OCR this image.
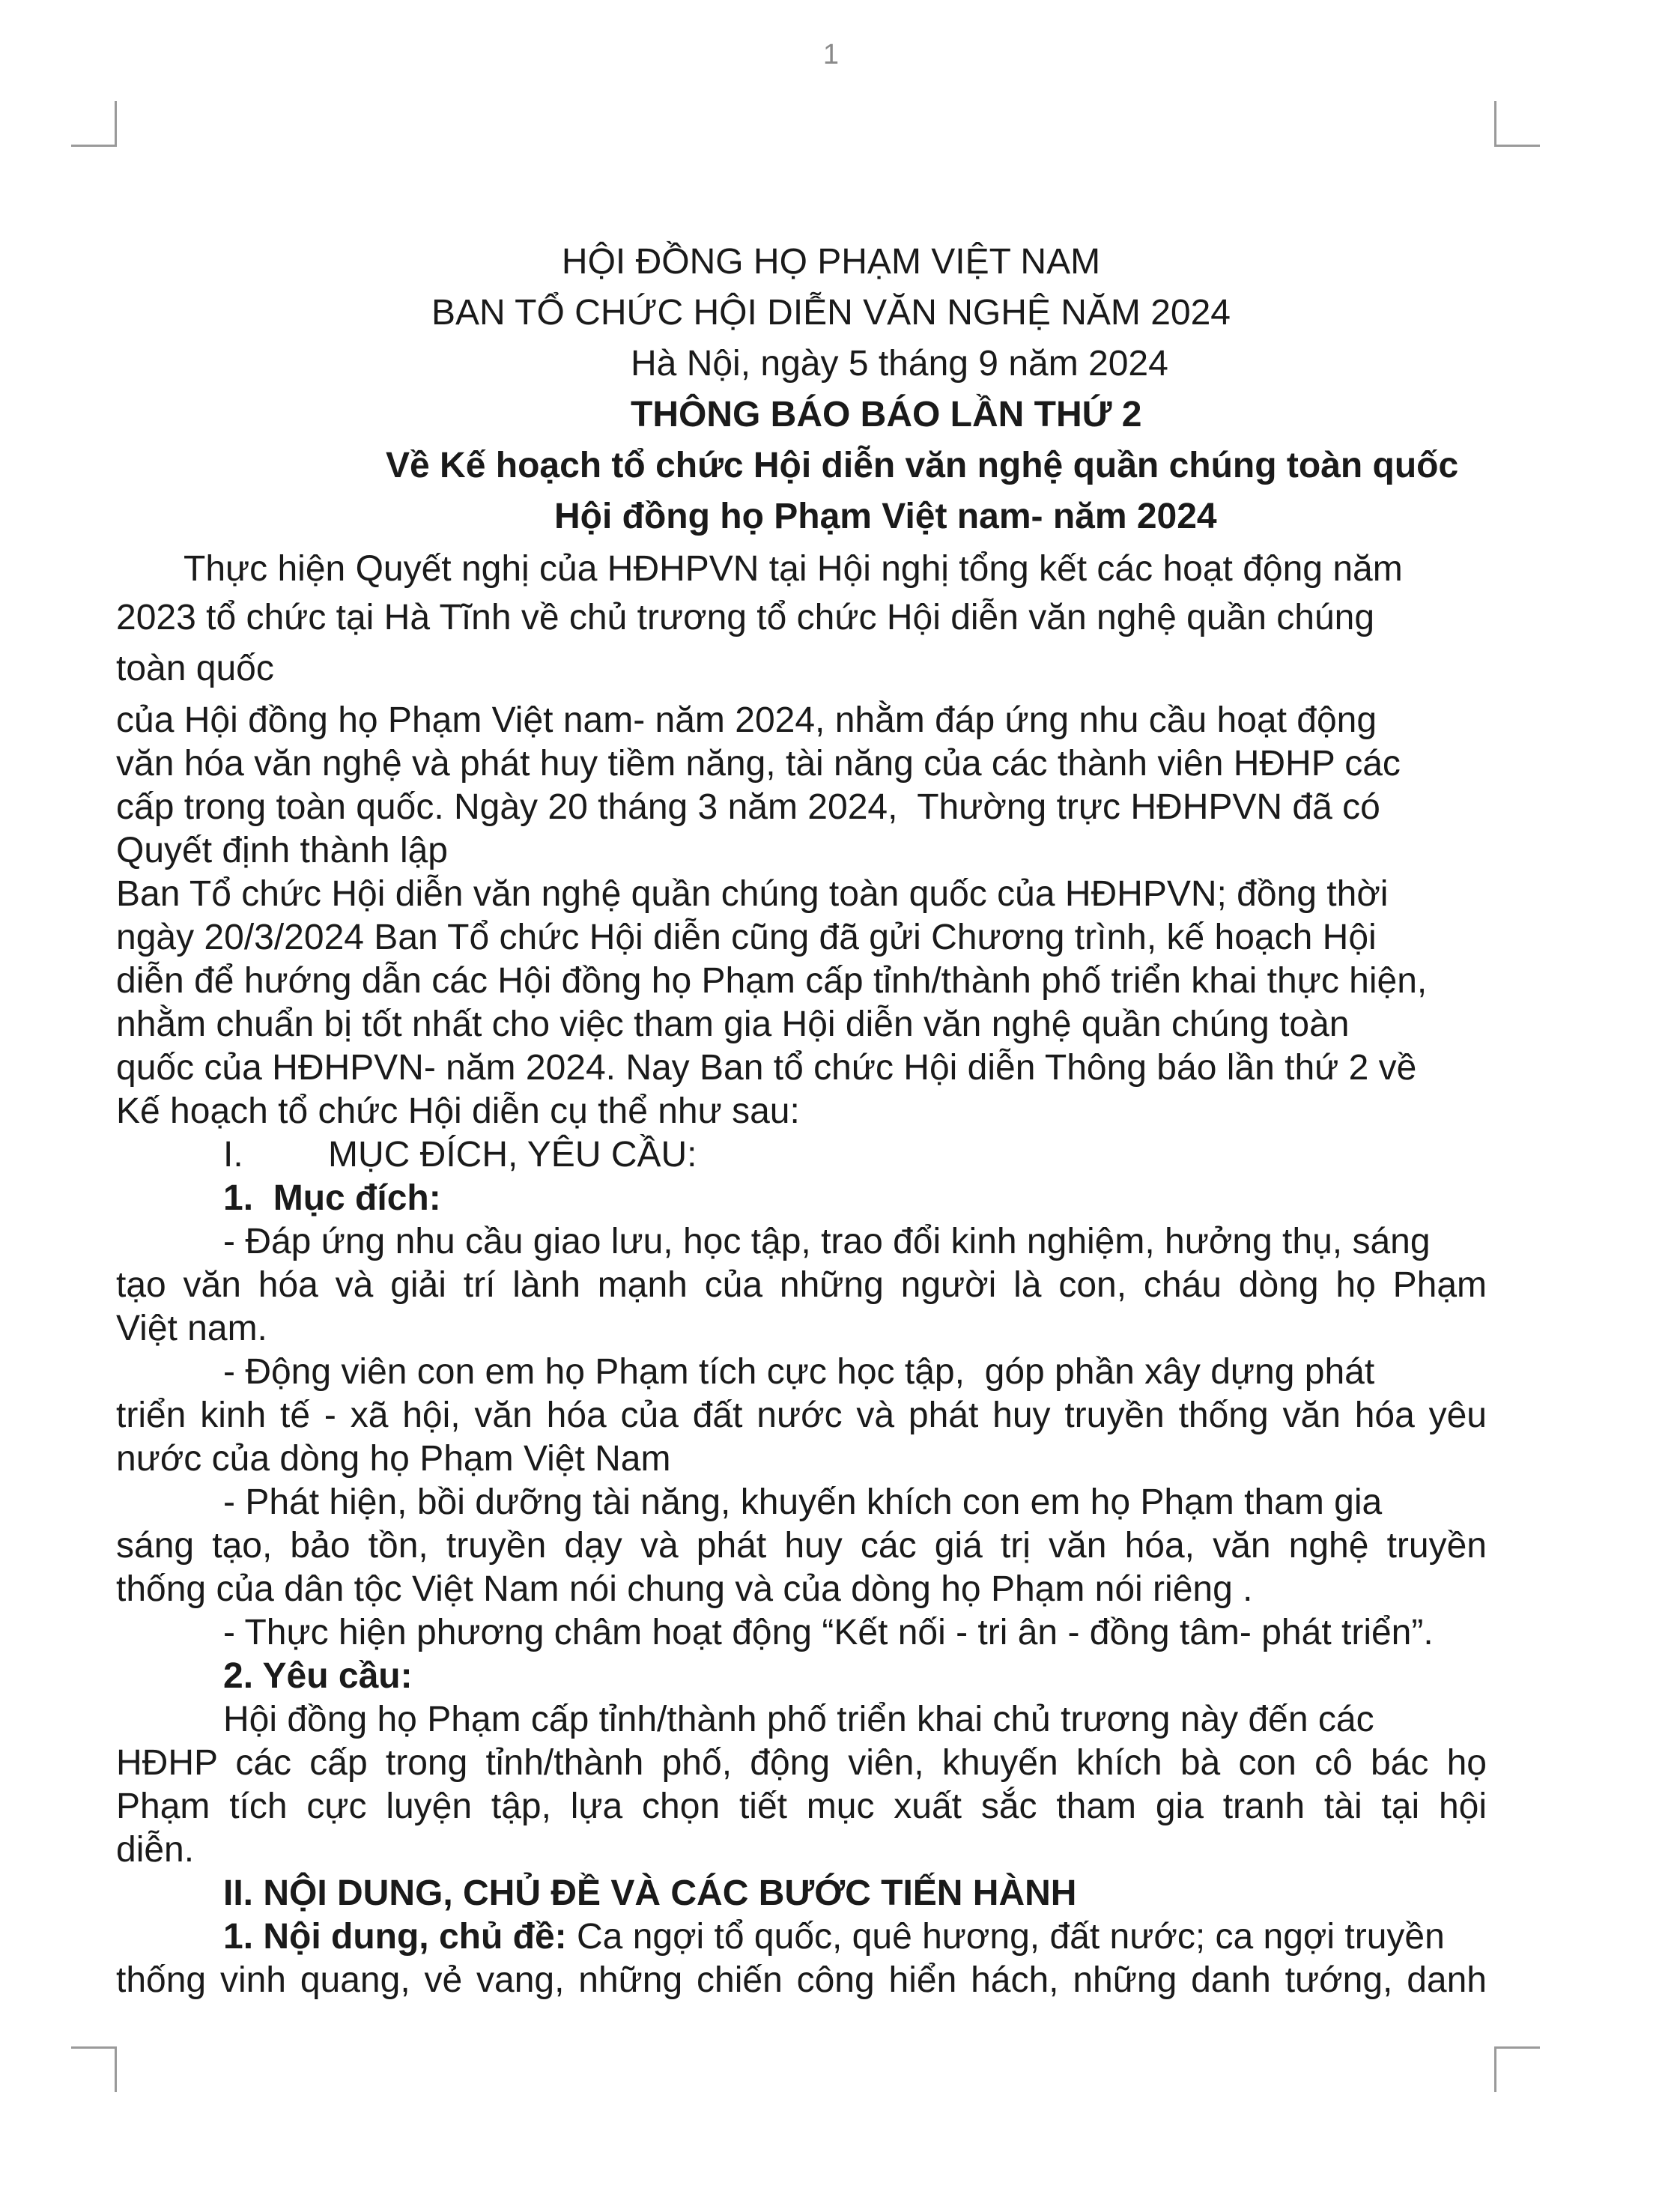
1
HỘI ĐỒNG HỌ PHẠM VIỆT NAM
BAN TỔ CHỨC HỘI DIỄN VĂN NGHỆ NĂM 2024
Hà Nội, ngày 5 tháng 9 năm 2024
THÔNG BÁO BÁO LẦN THỨ 2
Về Kế hoạch tổ chức Hội diễn văn nghệ quần chúng toàn quốc
Hội đồng họ Phạm Việt nam- năm 2024
Thực hiện Quyết nghị của HĐHPVN tại Hội nghị tổng kết các hoạt động năm
2023 tổ chức tại Hà Tĩnh về chủ trương tổ chức Hội diễn văn nghệ quần chúng
toàn quốc
của Hội đồng họ Phạm Việt nam- năm 2024, nhằm đáp ứng nhu cầu hoạt động
văn hóa văn nghệ và phát huy tiềm năng, tài năng của các thành viên HĐHP các
cấp trong toàn quốc. Ngày 20 tháng 3 năm 2024,  Thường trực HĐHPVN đã có
Quyết định thành lập
Ban Tổ chức Hội diễn văn nghệ quần chúng toàn quốc của HĐHPVN; đồng thời
ngày 20/3/2024 Ban Tổ chức Hội diễn cũng đã gửi Chương trình, kế hoạch Hội
diễn để hướng dẫn các Hội đồng họ Phạm cấp tỉnh/thành phố triển khai thực hiện,
nhằm chuẩn bị tốt nhất cho việc tham gia Hội diễn văn nghệ quần chúng toàn
quốc của HĐHPVN- năm 2024. Nay Ban tổ chức Hội diễn Thông báo lần thứ 2 về
Kế hoạch tổ chức Hội diễn cụ thể như sau:
I. MỤC ĐÍCH, YÊU CẦU:
1.  Mục đích:
- Đáp ứng nhu cầu giao lưu, học tập, trao đổi kinh nghiệm, hưởng thụ, sáng
tạo văn hóa và giải trí lành mạnh của những người là con, cháu dòng họ Phạm
Việt nam.
- Động viên con em họ Phạm tích cực học tập,  góp phần xây dựng phát
triển kinh tế - xã hội, văn hóa của đất nước và phát huy truyền thống văn hóa yêu
nước của dòng họ Phạm Việt Nam
- Phát hiện, bồi dưỡng tài năng, khuyến khích con em họ Phạm tham gia
sáng tạo, bảo tồn, truyền dạy và phát huy các giá trị văn hóa, văn nghệ truyền
thống của dân tộc Việt Nam nói chung và của dòng họ Phạm nói riêng .
- Thực hiện phương châm hoạt động “Kết nối - tri ân - đồng tâm- phát triển”.
2. Yêu cầu:
Hội đồng họ Phạm cấp tỉnh/thành phố triển khai chủ trương này đến các
HĐHP các cấp trong tỉnh/thành phố, động viên, khuyến khích bà con cô bác họ
Phạm tích cực luyện tập, lựa chọn tiết mục xuất sắc tham gia tranh tài tại hội
diễn.
II. NỘI DUNG, CHỦ ĐỀ VÀ CÁC BƯỚC TIẾN HÀNH
1. Nội dung, chủ đề: Ca ngợi tổ quốc, quê hương, đất nước; ca ngợi truyền
thống vinh quang, vẻ vang, những chiến công hiển hách, những danh tướng, danh
